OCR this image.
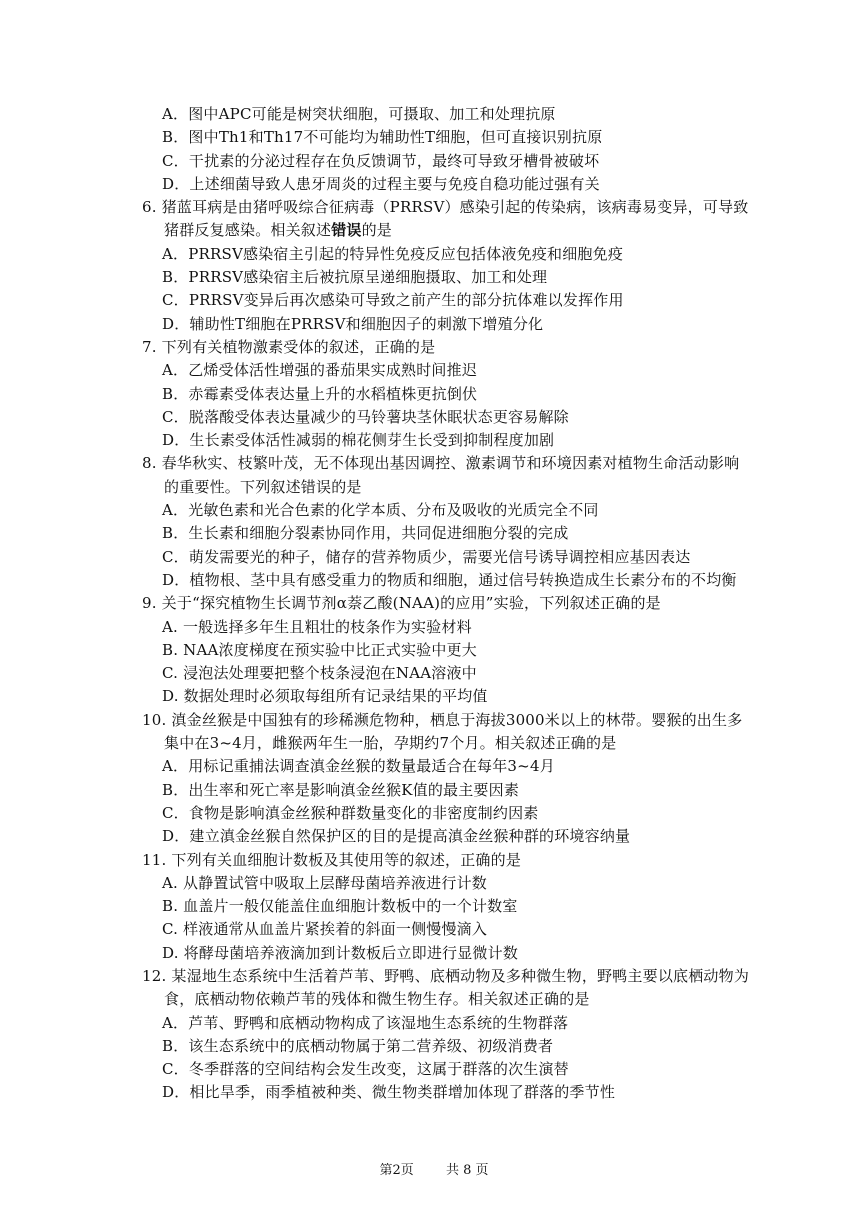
A．图中APC可能是树突状细胞，可摄取、加工和处理抗原
B．图中Th1和Th17不可能均为辅助性T细胞，但可直接识别抗原
C．干扰素的分泌过程存在负反馈调节，最终可导致牙槽骨被破坏
D．上述细菌导致人患牙周炎的过程主要与免疫自稳功能过强有关
6. 猪蓝耳病是由猪呼吸综合征病毒（PRRSV）感染引起的传染病，该病毒易变异，可导致
猪群反复感染。相关叙述错误的是
A．PRRSV感染宿主引起的特异性免疫反应包括体液免疫和细胞免疫
B．PRRSV感染宿主后被抗原呈递细胞摄取、加工和处理
C．PRRSV变异后再次感染可导致之前产生的部分抗体难以发挥作用
D．辅助性T细胞在PRRSV和细胞因子的刺激下增殖分化
7. 下列有关植物激素受体的叙述，正确的是
A．乙烯受体活性增强的番茄果实成熟时间推迟
B．赤霉素受体表达量上升的水稻植株更抗倒伏
C．脱落酸受体表达量减少的马铃薯块茎休眠状态更容易解除
D．生长素受体活性减弱的棉花侧芽生长受到抑制程度加剧
8. 春华秋实、枝繁叶茂，无不体现出基因调控、激素调节和环境因素对植物生命活动影响
的重要性。下列叙述错误的是
A．光敏色素和光合色素的化学本质、分布及吸收的光质完全不同
B．生长素和细胞分裂素协同作用，共同促进细胞分裂的完成
C．萌发需要光的种子，储存的营养物质少，需要光信号诱导调控相应基因表达
D．植物根、茎中具有感受重力的物质和细胞，通过信号转换造成生长素分布的不均衡
9. 关于“探究植物生长调节剂α萘乙酸(NAA)的应用”实验，下列叙述正确的是
A. 一般选择多年生且粗壮的枝条作为实验材料
B. NAA浓度梯度在预实验中比正式实验中更大
C. 浸泡法处理要把整个枝条浸泡在NAA溶液中
D. 数据处理时必须取每组所有记录结果的平均值
10. 滇金丝猴是中国独有的珍稀濒危物种，栖息于海拔3000米以上的林带。婴猴的出生多
集中在3~4月，雌猴两年生一胎，孕期约7个月。相关叙述正确的是
A．用标记重捕法调查滇金丝猴的数量最适合在每年3~4月
B．出生率和死亡率是影响滇金丝猴K值的最主要因素
C．食物是影响滇金丝猴种群数量变化的非密度制约因素
D．建立滇金丝猴自然保护区的目的是提高滇金丝猴种群的环境容纳量
11. 下列有关血细胞计数板及其使用等的叙述，正确的是
A. 从静置试管中吸取上层酵母菌培养液进行计数
B. 血盖片一般仅能盖住血细胞计数板中的一个计数室
C. 样液通常从血盖片紧挨着的斜面一侧慢慢滴入
D. 将酵母菌培养液滴加到计数板后立即进行显微计数
12. 某湿地生态系统中生活着芦苇、野鸭、底栖动物及多种微生物，野鸭主要以底栖动物为
食，底栖动物依赖芦苇的残体和微生物生存。相关叙述正确的是
A．芦苇、野鸭和底栖动物构成了该湿地生态系统的生物群落
B．该生态系统中的底栖动物属于第二营养级、初级消费者
C．冬季群落的空间结构会发生改变，这属于群落的次生演替
D．相比旱季，雨季植被种类、微生物类群增加体现了群落的季节性
第2页 共 8 页
